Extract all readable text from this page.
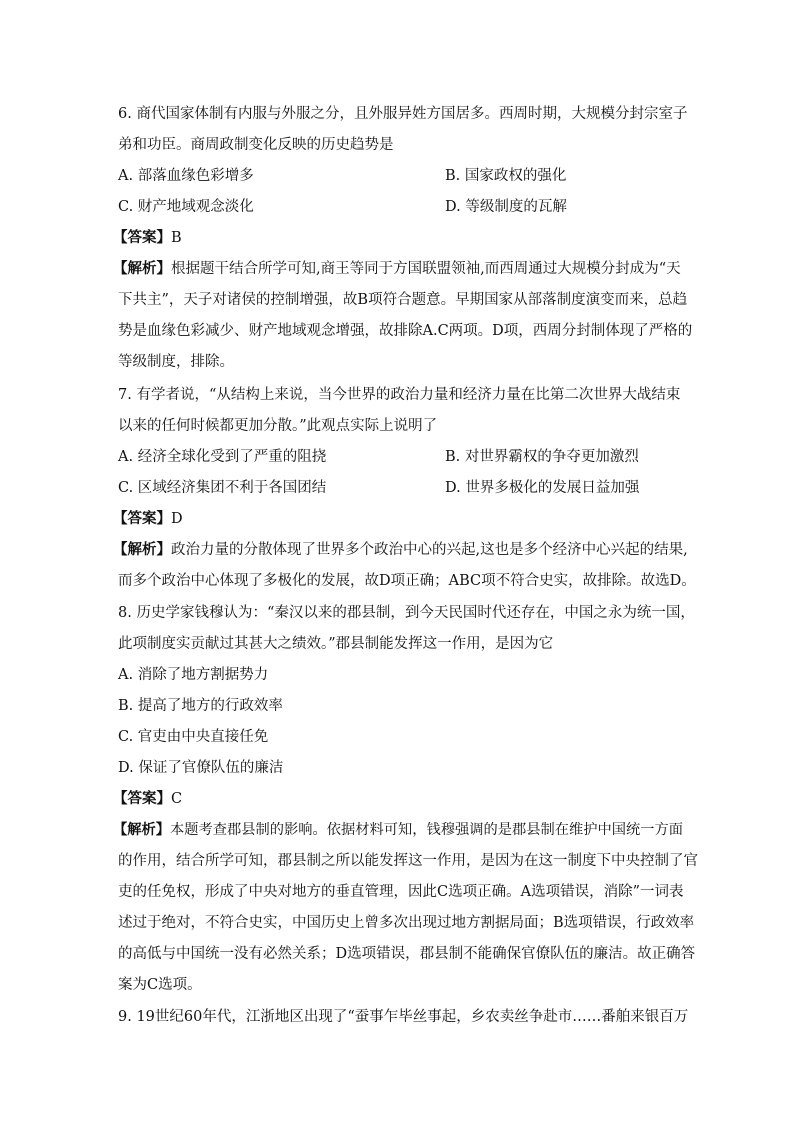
6. 商代国家体制有内服与外服之分，且外服异姓方国居多。西周时期，大规模分封宗室子
弟和功臣。商周政制变化反映的历史趋势是
A. 部落血缘色彩增多	B. 国家政权的强化
C. 财产地域观念淡化	D. 等级制度的瓦解
【答案】B
【解析】根据题干结合所学可知,商王等同于方国联盟领袖,而西周通过大规模分封成为“天
下共主”，天子对诸侯的控制增强，故B项符合题意。早期国家从部落制度演变而来，总趋
势是血缘色彩减少、财产地域观念增强，故排除A.C两项。D项，西周分封制体现了严格的
等级制度，排除。
7. 有学者说，“从结构上来说，当今世界的政治力量和经济力量在比第二次世界大战结束
以来的任何时候都更加分散。”此观点实际上说明了
A. 经济全球化受到了严重的阻挠	B. 对世界霸权的争夺更加激烈
C. 区域经济集团不利于各国团结	D. 世界多极化的发展日益加强
【答案】D
【解析】政治力量的分散体现了世界多个政治中心的兴起,这也是多个经济中心兴起的结果,
而多个政治中心体现了多极化的发展，故D项正确；ABC项不符合史实，故排除。故选D。
8. 历史学家钱穆认为：“秦汉以来的郡县制，到今天民国时代还存在，中国之永为统一国，
此项制度实贡献过其甚大之绩效。”郡县制能发挥这一作用，是因为它
A. 消除了地方割据势力
B. 提高了地方的行政效率
C. 官吏由中央直接任免
D. 保证了官僚队伍的廉洁
【答案】C
【解析】本题考查郡县制的影响。依据材料可知，钱穆强调的是郡县制在维护中国统一方面
的作用，结合所学可知，郡县制之所以能发挥这一作用，是因为在这一制度下中央控制了官
吏的任免权，形成了中央对地方的垂直管理，因此C选项正确。A选项错误，消除”一词表
述过于绝对，不符合史实，中国历史上曾多次出现过地方割据局面；B选项错误，行政效率
的高低与中国统一没有必然关系；D选项错误，郡县制不能确保官僚队伍的廉洁。故正确答
案为C选项。
9. 19世纪60年代，江浙地区出现了“蚕事乍毕丝事起，乡农卖丝争赴市……番舶来银百万
